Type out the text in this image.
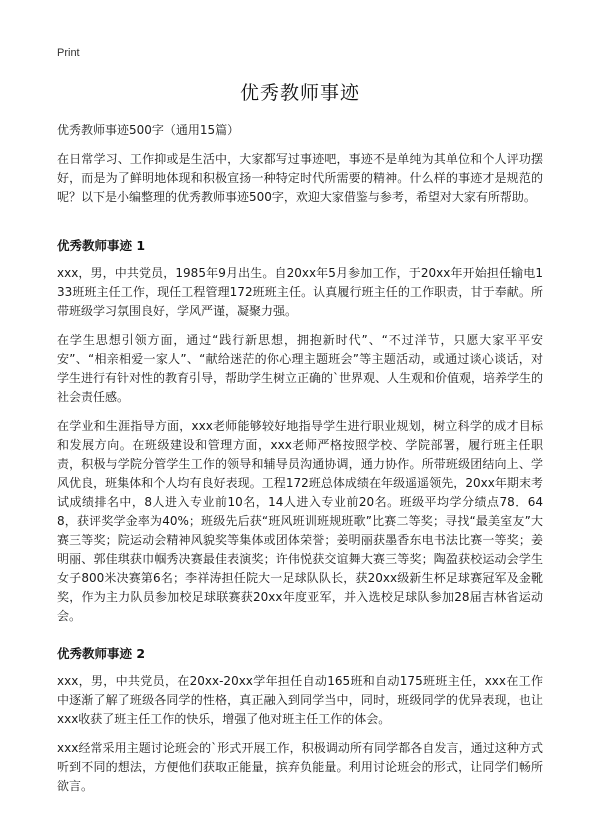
Print
优秀教师事迹
优秀教师事迹500字（通用15篇）
在日常学习、工作抑或是生活中，大家都写过事迹吧，事迹不是单纯为其单位和个人评功摆好，而是为了鲜明地体现和积极宣扬一种特定时代所需要的精神。什么样的事迹才是规范的呢？以下是小编整理的优秀教师事迹500字，欢迎大家借鉴与参考，希望对大家有所帮助。
优秀教师事迹 1
xxx，男，中共党员，1985年9月出生。自20xx年5月参加工作，于20xx年开始担任输电133班班主任工作，现任工程管理172班班主任。认真履行班主任的工作职责，甘于奉献。所带班级学习氛围良好，学风严谨，凝聚力强。
在学生思想引领方面，通过“践行新思想，拥抱新时代”、“不过洋节，只愿大家平平安安”、“相亲相爱一家人”、“献给迷茫的你心理主题班会”等主题活动，或通过谈心谈话，对学生进行有针对性的教育引导，帮助学生树立正确的`世界观、人生观和价值观，培养学生的社会责任感。
在学业和生涯指导方面，xxx老师能够较好地指导学生进行职业规划，树立科学的成才目标和发展方向。在班级建设和管理方面，xxx老师严格按照学校、学院部署，履行班主任职责，积极与学院分管学生工作的领导和辅导员沟通协调，通力协作。所带班级团结向上、学风优良，班集体和个人均有良好表现。工程172班总体成绩在年级遥遥领先，20xx年期末考试成绩排名中，8人进入专业前10名，14人进入专业前20名。班级平均学分绩点78．648，获评奖学金率为40%；班级先后获“班风班训班规班歌”比赛二等奖；寻找“最美室友”大赛三等奖；院运动会精神风貌奖等集体或团体荣誉；姜明丽获墨香东电书法比赛一等奖；姜明丽、郭佳琪获巾帼秀决赛最佳表演奖；许伟悦获交谊舞大赛三等奖；陶盈获校运动会学生女子800米决赛第6名；李祥涛担任院大一足球队队长，获20xx级新生杯足球赛冠军及金靴奖，作为主力队员参加校足球联赛获20xx年度亚军，并入选校足球队参加28届吉林省运动会。
优秀教师事迹 2
xxx，男，中共党员，在20xx-20xx学年担任自动165班和自动175班班主任，xxx在工作中逐渐了解了班级各同学的性格，真正融入到同学当中，同时，班级同学的优异表现，也让xxx收获了班主任工作的快乐，增强了他对班主任工作的体会。
xxx经常采用主题讨论班会的`形式开展工作，积极调动所有同学都各自发言，通过这种方式听到不同的想法，方便他们获取正能量，摈弃负能量。利用讨论班会的形式，让同学们畅所欲言。
